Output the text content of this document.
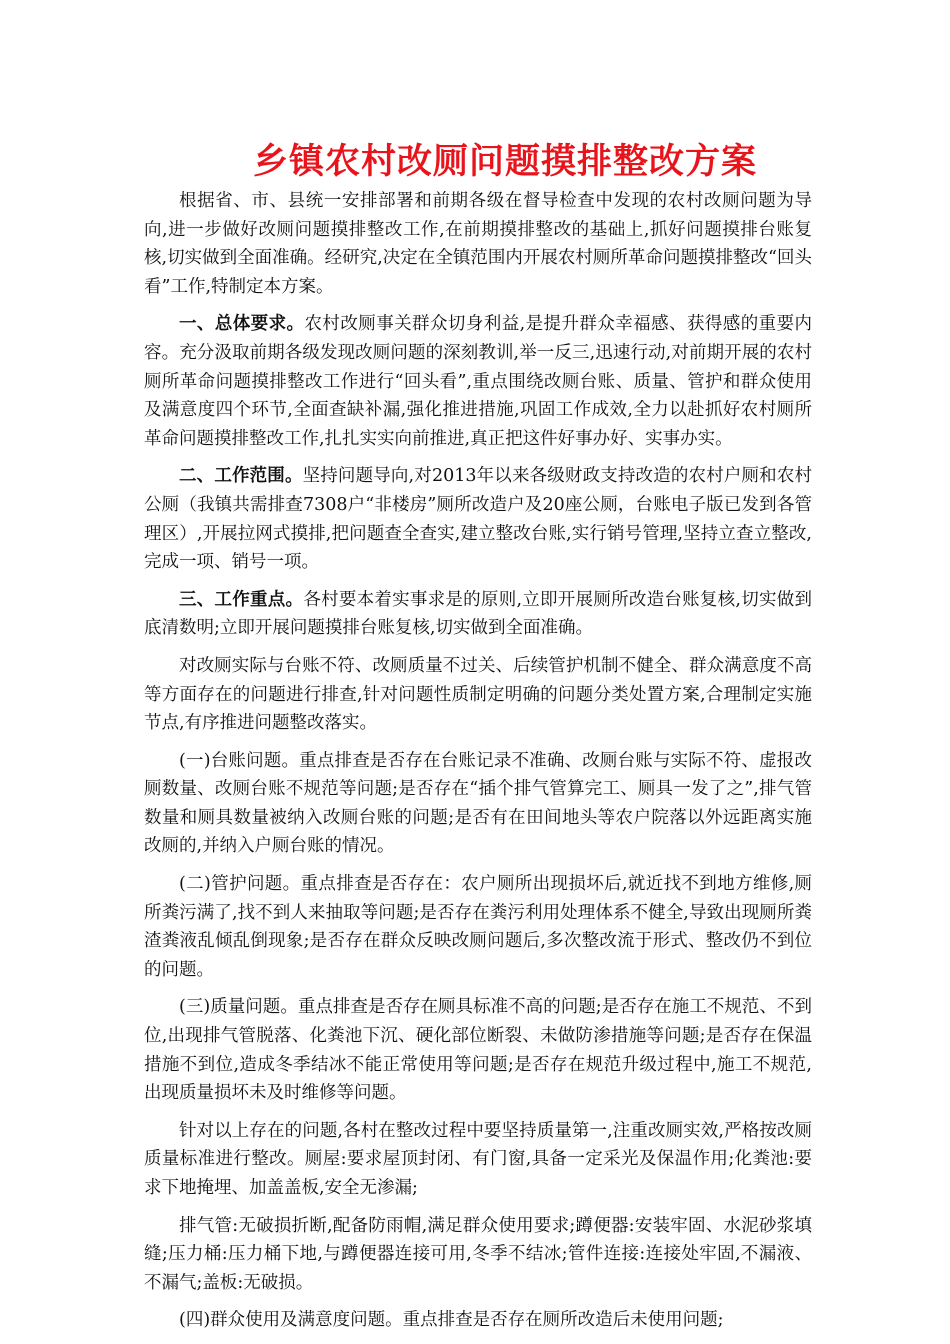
乡镇农村改厕问题摸排整改方案

根据省、市、县统一安排部署和前期各级在督导检查中发现的农村改厕问题为导向,进一步做好改厕问题摸排整改工作,在前期摸排整改的基础上,抓好问题摸排台账复核,切实做到全面准确。经研究,决定在全镇范围内开展农村厕所革命问题摸排整改“回头看”工作,特制定本方案。

一、总体要求。农村改厕事关群众切身利益,是提升群众幸福感、获得感的重要内容。充分汲取前期各级发现改厕问题的深刻教训,举一反三,迅速行动,对前期开展的农村厕所革命问题摸排整改工作进行“回头看”,重点围绕改厕台账、质量、管护和群众使用及满意度四个环节,全面查缺补漏,强化推进措施,巩固工作成效,全力以赴抓好农村厕所革命问题摸排整改工作,扎扎实实向前推进,真正把这件好事办好、实事办实。

二、工作范围。坚持问题导向,对2013年以来各级财政支持改造的农村户厕和农村公厕（我镇共需排查7308户“非楼房”厕所改造户及20座公厕，台账电子版已发到各管理区）,开展拉网式摸排,把问题查全查实,建立整改台账,实行销号管理,坚持立查立整改,完成一项、销号一项。

三、工作重点。各村要本着实事求是的原则,立即开展厕所改造台账复核,切实做到底清数明;立即开展问题摸排台账复核,切实做到全面准确。

对改厕实际与台账不符、改厕质量不过关、后续管护机制不健全、群众满意度不高等方面存在的问题进行排查,针对问题性质制定明确的问题分类处置方案,合理制定实施节点,有序推进问题整改落实。

(一)台账问题。重点排查是否存在台账记录不准确、改厕台账与实际不符、虚报改厕数量、改厕台账不规范等问题;是否存在“插个排气管算完工、厕具一发了之”,排气管数量和厕具数量被纳入改厕台账的问题;是否有在田间地头等农户院落以外远距离实施改厕的,并纳入户厕台账的情况。

(二)管护问题。重点排查是否存在：农户厕所出现损坏后,就近找不到地方维修,厕所粪污满了,找不到人来抽取等问题;是否存在粪污利用处理体系不健全,导致出现厕所粪渣粪液乱倾乱倒现象;是否存在群众反映改厕问题后,多次整改流于形式、整改仍不到位的问题。

(三)质量问题。重点排查是否存在厕具标准不高的问题;是否存在施工不规范、不到位,出现排气管脱落、化粪池下沉、硬化部位断裂、未做防渗措施等问题;是否存在保温措施不到位,造成冬季结冰不能正常使用等问题;是否存在规范升级过程中,施工不规范,出现质量损坏未及时维修等问题。

针对以上存在的问题,各村在整改过程中要坚持质量第一,注重改厕实效,严格按改厕质量标准进行整改。厕屋:要求屋顶封闭、有门窗,具备一定采光及保温作用;化粪池:要求下地掩埋、加盖盖板,安全无渗漏;

排气管:无破损折断,配备防雨帽,满足群众使用要求;蹲便器:安装牢固、水泥砂浆填缝;压力桶:压力桶下地,与蹲便器连接可用,冬季不结冰;管件连接:连接处牢固,不漏液、不漏气;盖板:无破损。

(四)群众使用及满意度问题。重点排查是否存在厕所改造后未使用问题;
